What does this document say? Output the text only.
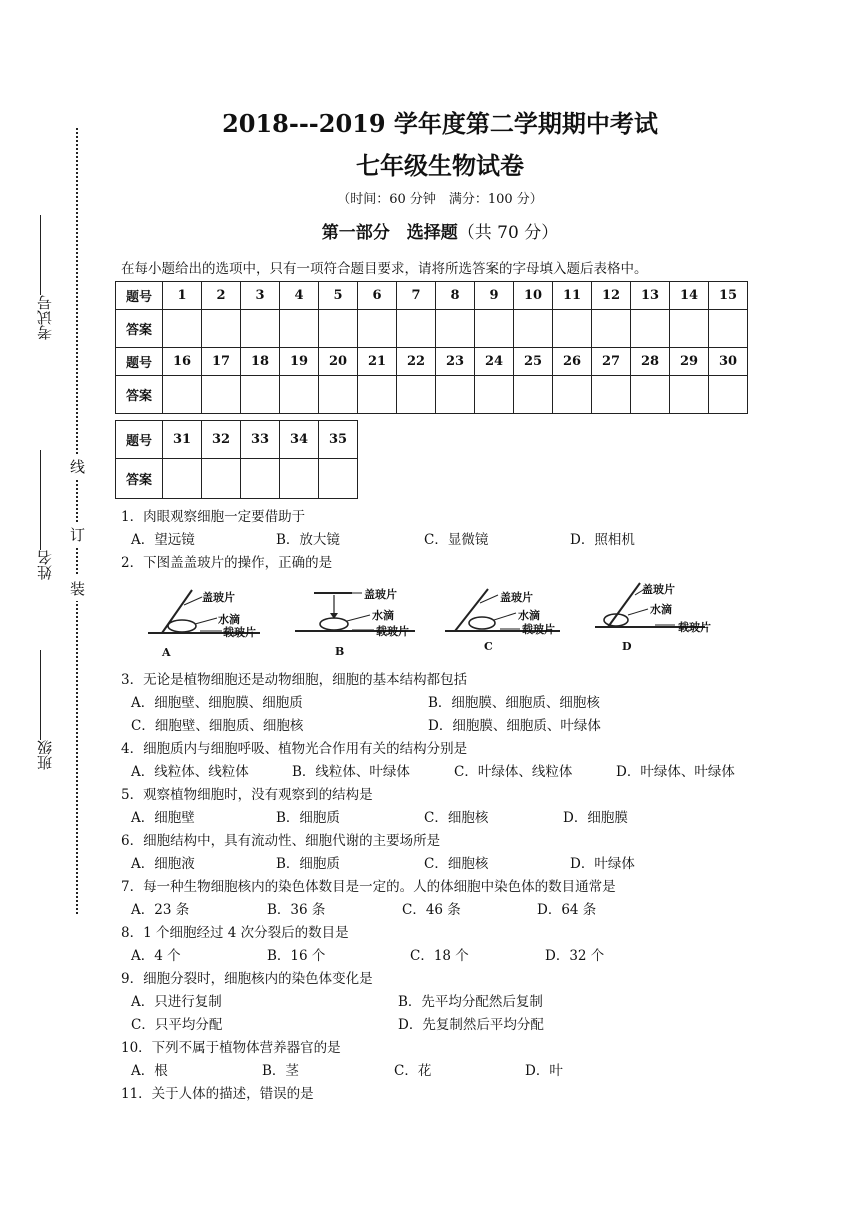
2018---2019 学年度第二学期期中考试
七年级生物试卷
（时间：60 分钟　满分：100 分）
第一部分　选择题（共 70 分）
在每小题给出的选项中，只有一项符合题目要求，请将所选答案的字母填入题后表格中。
考试号
姓名
班级
线
订
装
题号	1	2	3	4	5	6	7	8	9	10	11	12	13	14	15
答案															
题号	16	17	18	19	20	21	22	23	24	25	26	27	28	29	30
答案															
题号	31	32	33	34	35
答案					
1．肉眼观察细胞一定要借助于
A．望远镜	B．放大镜	C．显微镜	D．照相机
2．下图盖盖玻片的操作，正确的是
盖玻片
水滴
载玻片
A
盖玻片
水滴
载玻片
B
盖玻片
水滴
载玻片
C
盖玻片
水滴
载玻片
D
3．无论是植物细胞还是动物细胞，细胞的基本结构都包括
A．细胞壁、细胞膜、细胞质	B．细胞膜、细胞质、细胞核
C．细胞壁、细胞质、细胞核	D．细胞膜、细胞质、叶绿体
4．细胞质内与细胞呼吸、植物光合作用有关的结构分别是
A．线粒体、线粒体	B．线粒体、叶绿体	C．叶绿体、线粒体	D．叶绿体、叶绿体
5．观察植物细胞时，没有观察到的结构是
A．细胞壁	B．细胞质	C．细胞核	D．细胞膜
6．细胞结构中，具有流动性、细胞代谢的主要场所是
A．细胞液	B．细胞质	C．细胞核	D．叶绿体
7．每一种生物细胞核内的染色体数目是一定的。人的体细胞中染色体的数目通常是
A．23 条	B．36 条	C．46 条	D．64 条
8．1 个细胞经过 4 次分裂后的数目是
A．4 个	B．16 个	C．18 个	D．32 个
9．细胞分裂时，细胞核内的染色体变化是
A．只进行复制	B．先平均分配然后复制
C．只平均分配	D．先复制然后平均分配
10．下列不属于植物体营养器官的是
A．根	B．茎	C．花	D．叶
11．关于人体的描述，错误的是
